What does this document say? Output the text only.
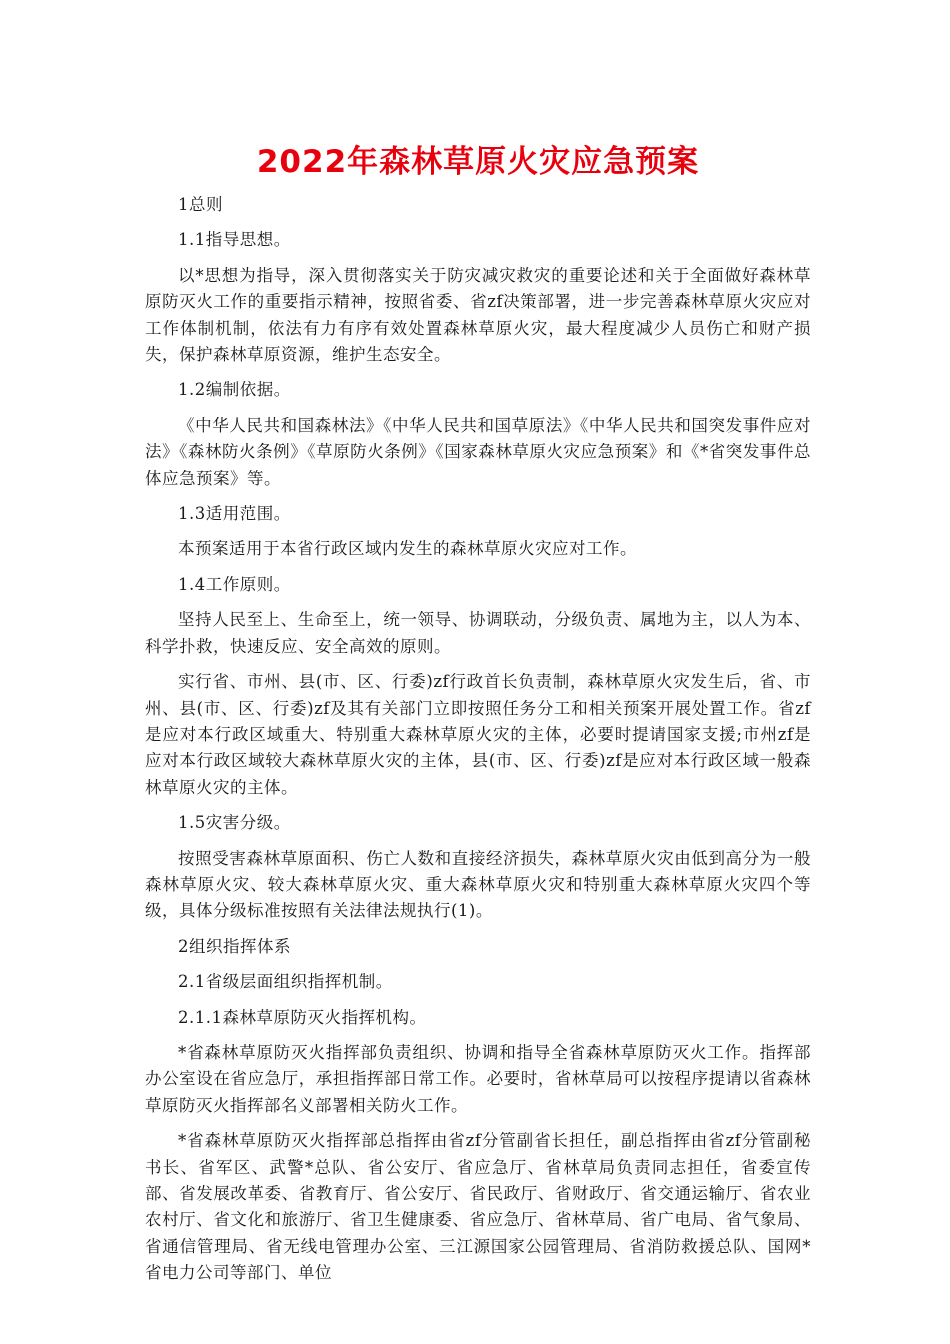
2022年森林草原火灾应急预案

1总则

1.1指导思想。

以*思想为指导，深入贯彻落实关于防灾减灾救灾的重要论述和关于全面做好森林草原防灭火工作的重要指示精神，按照省委、省zf决策部署，进一步完善森林草原火灾应对工作体制机制，依法有力有序有效处置森林草原火灾，最大程度减少人员伤亡和财产损失，保护森林草原资源，维护生态安全。

1.2编制依据。

《中华人民共和国森林法》《中华人民共和国草原法》《中华人民共和国突发事件应对法》《森林防火条例》《草原防火条例》《国家森林草原火灾应急预案》和《*省突发事件总体应急预案》等。

1.3适用范围。

本预案适用于本省行政区域内发生的森林草原火灾应对工作。

1.4工作原则。

坚持人民至上、生命至上，统一领导、协调联动，分级负责、属地为主，以人为本、科学扑救，快速反应、安全高效的原则。

实行省、市州、县(市、区、行委)zf行政首长负责制，森林草原火灾发生后，省、市州、县(市、区、行委)zf及其有关部门立即按照任务分工和相关预案开展处置工作。省zf是应对本行政区域重大、特别重大森林草原火灾的主体，必要时提请国家支援;市州zf是应对本行政区域较大森林草原火灾的主体，县(市、区、行委)zf是应对本行政区域一般森林草原火灾的主体。

1.5灾害分级。

按照受害森林草原面积、伤亡人数和直接经济损失，森林草原火灾由低到高分为一般森林草原火灾、较大森林草原火灾、重大森林草原火灾和特别重大森林草原火灾四个等级，具体分级标准按照有关法律法规执行(1)。

2组织指挥体系

2.1省级层面组织指挥机制。

2.1.1森林草原防灭火指挥机构。

*省森林草原防灭火指挥部负责组织、协调和指导全省森林草原防灭火工作。指挥部办公室设在省应急厅，承担指挥部日常工作。必要时，省林草局可以按程序提请以省森林草原防灭火指挥部名义部署相关防火工作。

*省森林草原防灭火指挥部总指挥由省zf分管副省长担任，副总指挥由省zf分管副秘书长、省军区、武警*总队、省公安厅、省应急厅、省林草局负责同志担任，省委宣传部、省发展改革委、省教育厅、省公安厅、省民政厅、省财政厅、省交通运输厅、省农业农村厅、省文化和旅游厅、省卫生健康委、省应急厅、省林草局、省广电局、省气象局、省通信管理局、省无线电管理办公室、三江源国家公园管理局、省消防救援总队、国网*省电力公司等部门、单位
